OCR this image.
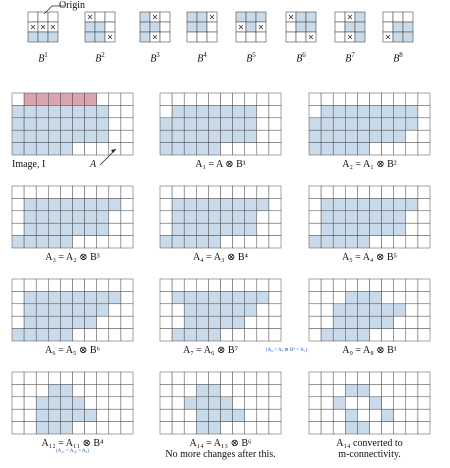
× ×
×
×
×
×
×
×
× ×
×
×
×
×	×
Origin
$B^1$	$B^2$	$B^3$	$B^4$	$B^5$	$B^6$	$B^7$	$B^8$
Image, I	A	A₁ = A ⊗ B¹	A₂ = A₁ ⊗ B²
A₃ = A₂ ⊗ B³	A₄ = A₃ ⊗ B⁴	A₅ = A₄ ⊗ B⁵
A₆ = A₅ ⊗ B⁶	A₇ = A₆ ⊗ B⁷	(A₈ = A₇ ⊗ B⁸ = A₇)	A₉ = A₈ ⊗ B¹
A₁₂ = A₁₁ ⊗ B⁴
(A₁₁ = A₁₀ = A₉)
A₁₄ = A₁₃ ⊗ B⁶
No more changes after this.
A₁₄ converted to
m-connectivity.
